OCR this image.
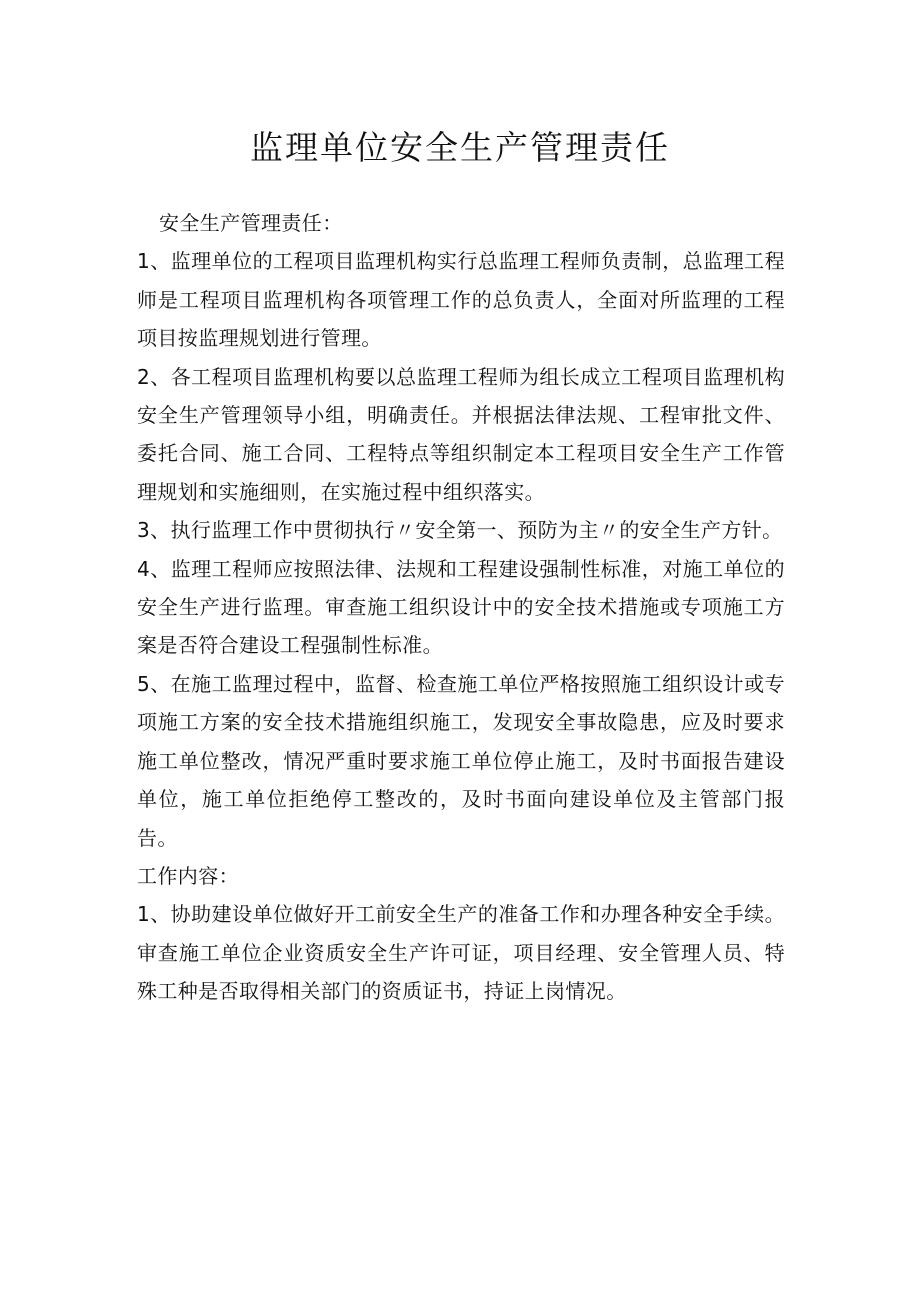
监理单位安全生产管理责任

安全生产管理责任：

1、监理单位的工程项目监理机构实行总监理工程师负责制，总监理工程师是工程项目监理机构各项管理工作的总负责人，全面对所监理的工程项目按监理规划进行管理。

2、各工程项目监理机构要以总监理工程师为组长成立工程项目监理机构安全生产管理领导小组，明确责任。并根据法律法规、工程审批文件、委托合同、施工合同、工程特点等组织制定本工程项目安全生产工作管理规划和实施细则，在实施过程中组织落实。

3、执行监理工作中贯彻执行〃安全第一、预防为主〃的安全生产方针。

4、监理工程师应按照法律、法规和工程建设强制性标准，对施工单位的安全生产进行监理。审查施工组织设计中的安全技术措施或专项施工方案是否符合建设工程强制性标准。

5、在施工监理过程中，监督、检查施工单位严格按照施工组织设计或专项施工方案的安全技术措施组织施工，发现安全事故隐患，应及时要求施工单位整改，情况严重时要求施工单位停止施工，及时书面报告建设单位，施工单位拒绝停工整改的，及时书面向建设单位及主管部门报告。

工作内容：

1、协助建设单位做好开工前安全生产的准备工作和办理各种安全手续。审查施工单位企业资质安全生产许可证，项目经理、安全管理人员、特殊工种是否取得相关部门的资质证书，持证上岗情况。
